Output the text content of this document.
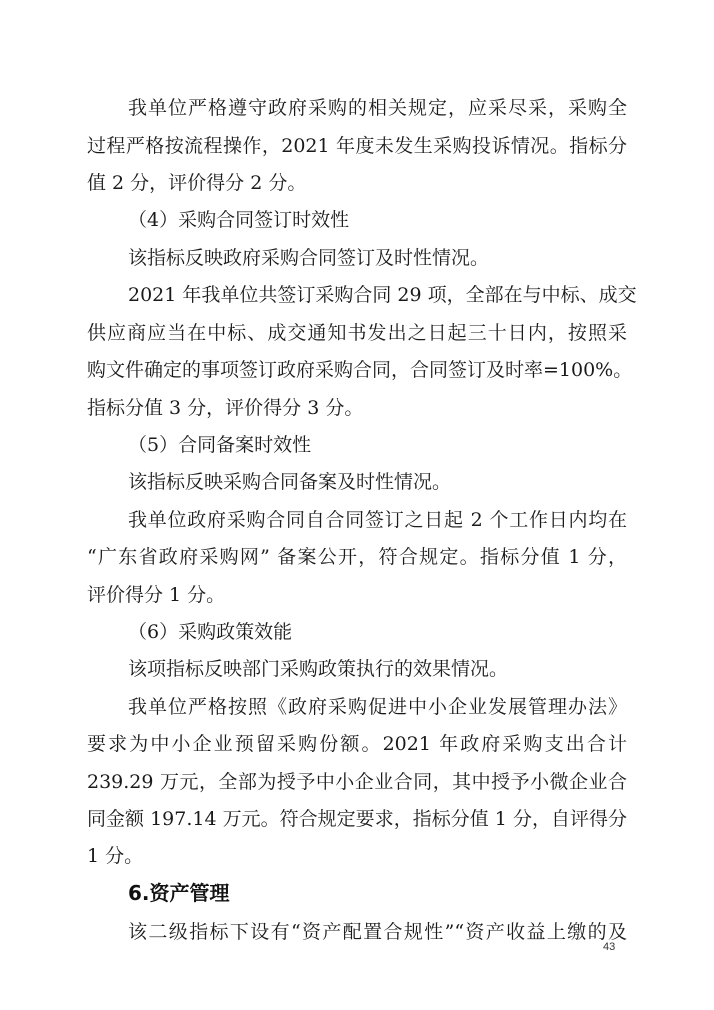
我单位严格遵守政府采购的相关规定，应采尽采，采购全
过程严格按流程操作，2021 年度未发生采购投诉情况。指标分
值 2 分，评价得分 2 分。
（4）采购合同签订时效性
该指标反映政府采购合同签订及时性情况。
2021 年我单位共签订采购合同 29 项，全部在与中标、成交
供应商应当在中标、成交通知书发出之日起三十日内，按照采
购文件确定的事项签订政府采购合同，合同签订及时率=100%。
指标分值 3 分，评价得分 3 分。
（5）合同备案时效性
该指标反映采购合同备案及时性情况。
我单位政府采购合同自合同签订之日起 2 个工作日内均在
“广东省政府采购网” 备案公开，符合规定。指标分值 1 分，
评价得分 1 分。
（6）采购政策效能
该项指标反映部门采购政策执行的效果情况。
我单位严格按照《政府采购促进中小企业发展管理办法》
要求为中小企业预留采购份额。2021 年政府采购支出合计
239.29 万元，全部为授予中小企业合同，其中授予小微企业合
同金额 197.14 万元。符合规定要求，指标分值 1 分，自评得分
1 分。
6.资产管理
该二级指标下设有“资产配置合规性”“资产收益上缴的及
43
